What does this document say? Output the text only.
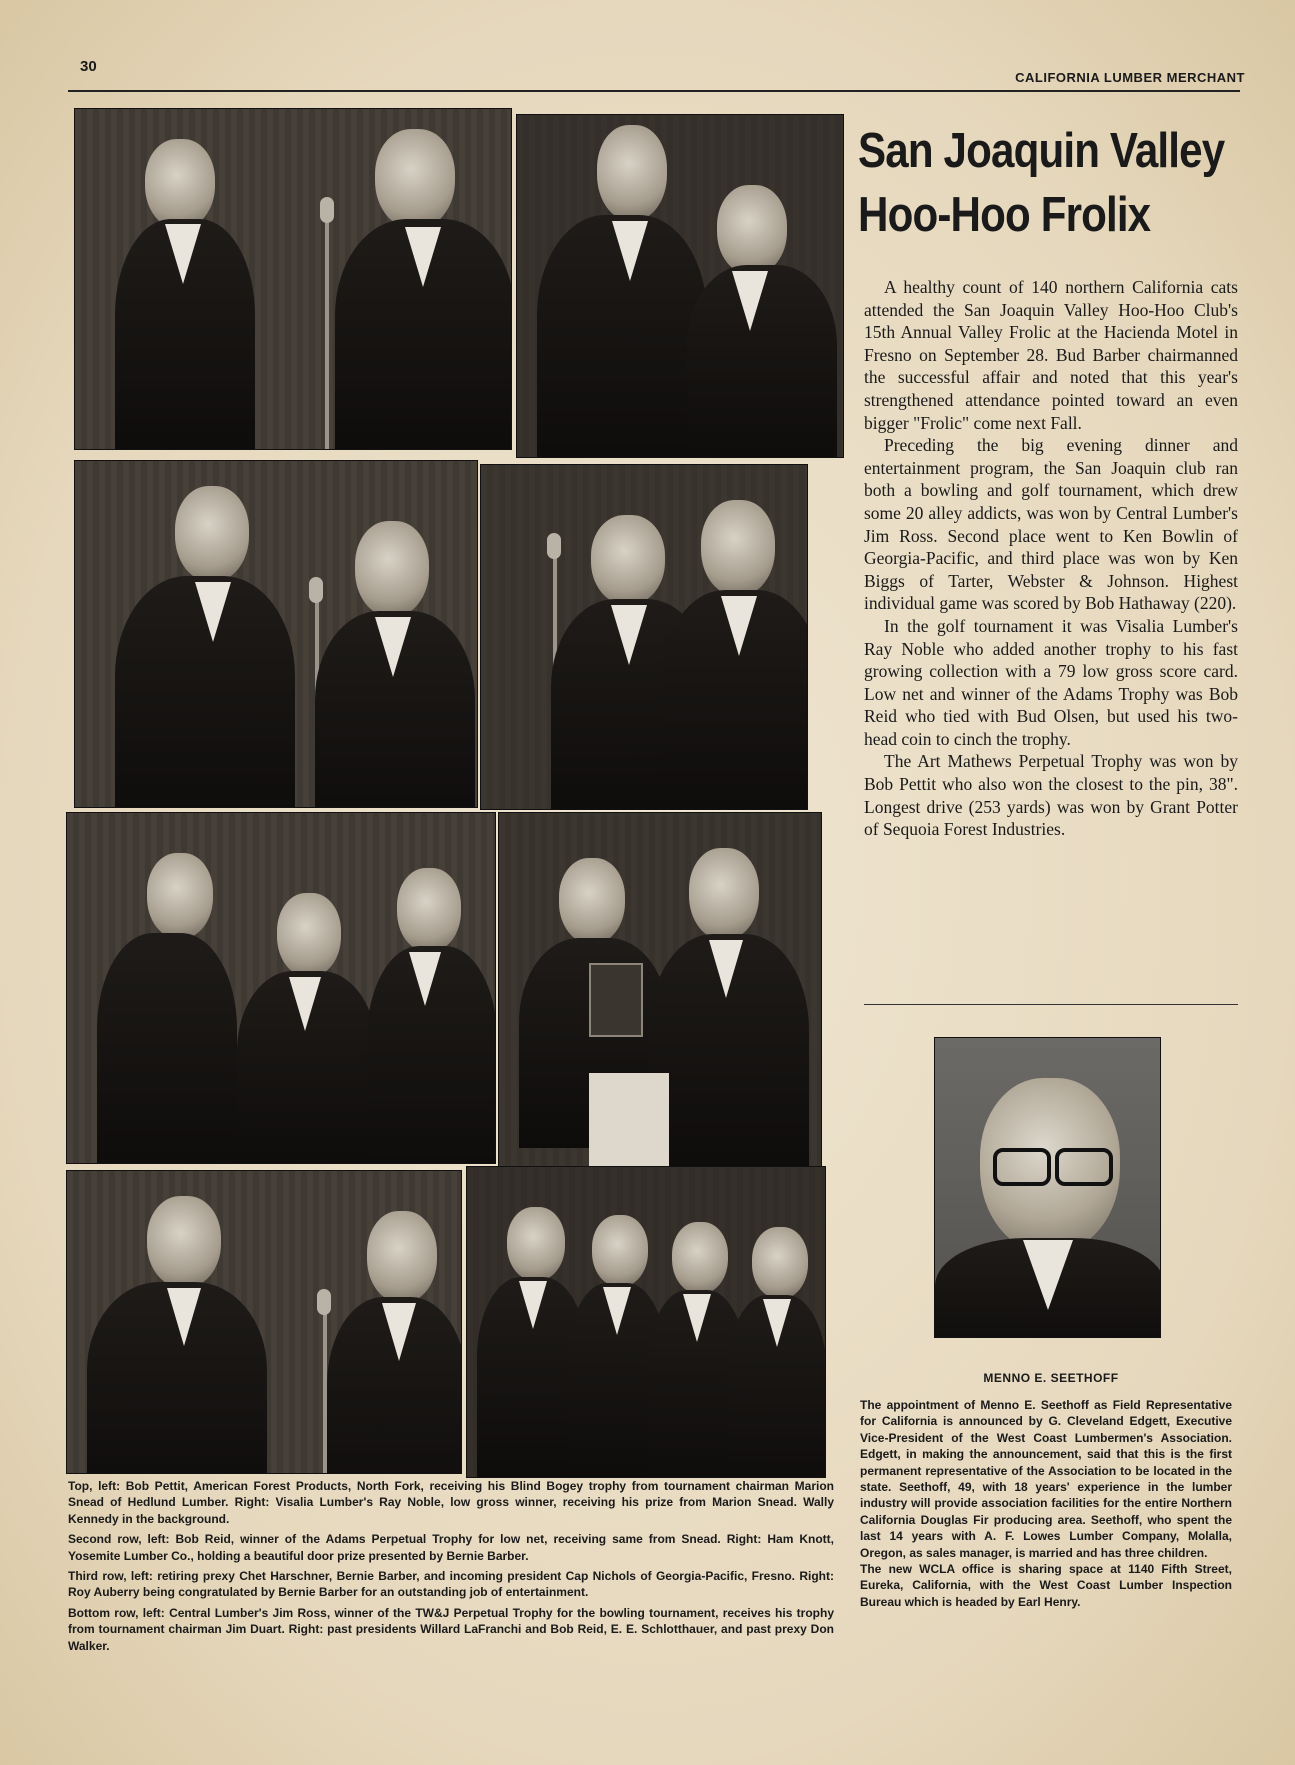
30
CALIFORNIA LUMBER MERCHANT
San Joaquin Valley
Hoo-Hoo Frolix

A healthy count of 140 northern California cats attended the San Joaquin Valley Hoo-Hoo Club's 15th Annual Valley Frolic at the Hacienda Motel in Fresno on September 28. Bud Barber chairmanned the successful affair and noted that this year's strengthened attendance pointed toward an even bigger "Frolic" come next Fall.

Preceding the big evening dinner and entertainment program, the San Joaquin club ran both a bowling and golf tournament, which drew some 20 alley addicts, was won by Central Lumber's Jim Ross. Second place went to Ken Bowlin of Georgia-Pacific, and third place was won by Ken Biggs of Tarter, Webster & Johnson. Highest individual game was scored by Bob Hathaway (220).

In the golf tournament it was Visalia Lumber's Ray Noble who added another trophy to his fast growing collection with a 79 low gross score card. Low net and winner of the Adams Trophy was Bob Reid who tied with Bud Olsen, but used his two-head coin to cinch the trophy.

The Art Mathews Perpetual Trophy was won by Bob Pettit who also won the closest to the pin, 38". Longest drive (253 yards) was won by Grant Potter of Sequoia Forest Industries.

MENNO E. SEETHOFF

The appointment of Menno E. Seethoff as Field Representative for California is announced by G. Cleveland Edgett, Executive Vice-President of the West Coast Lumbermen's Association. Edgett, in making the announcement, said that this is the first permanent representative of the Association to be located in the state. Seethoff, 49, with 18 years' experience in the lumber industry will provide association facilities for the entire Northern California Douglas Fir producing area. Seethoff, who spent the last 14 years with A. F. Lowes Lumber Company, Molalla, Oregon, as sales manager, is married and has three children.

The new WCLA office is sharing space at 1140 Fifth Street, Eureka, California, with the West Coast Lumber Inspection Bureau which is headed by Earl Henry.

Top, left: Bob Pettit, American Forest Products, North Fork, receiving his Blind Bogey trophy from tournament chairman Marion Snead of Hedlund Lumber. Right: Visalia Lumber's Ray Noble, low gross winner, receiving his prize from Marion Snead. Wally Kennedy in the background.

Second row, left: Bob Reid, winner of the Adams Perpetual Trophy for low net, receiving same from Snead. Right: Ham Knott, Yosemite Lumber Co., holding a beautiful door prize presented by Bernie Barber.

Third row, left: retiring prexy Chet Harschner, Bernie Barber, and incoming president Cap Nichols of Georgia-Pacific, Fresno. Right: Roy Auberry being congratulated by Bernie Barber for an outstanding job of entertainment.

Bottom row, left: Central Lumber's Jim Ross, winner of the TW&J Perpetual Trophy for the bowling tournament, receives his trophy from tournament chairman Jim Duart. Right: past presidents Willard LaFranchi and Bob Reid, E. E. Schlotthauer, and past prexy Don Walker.
